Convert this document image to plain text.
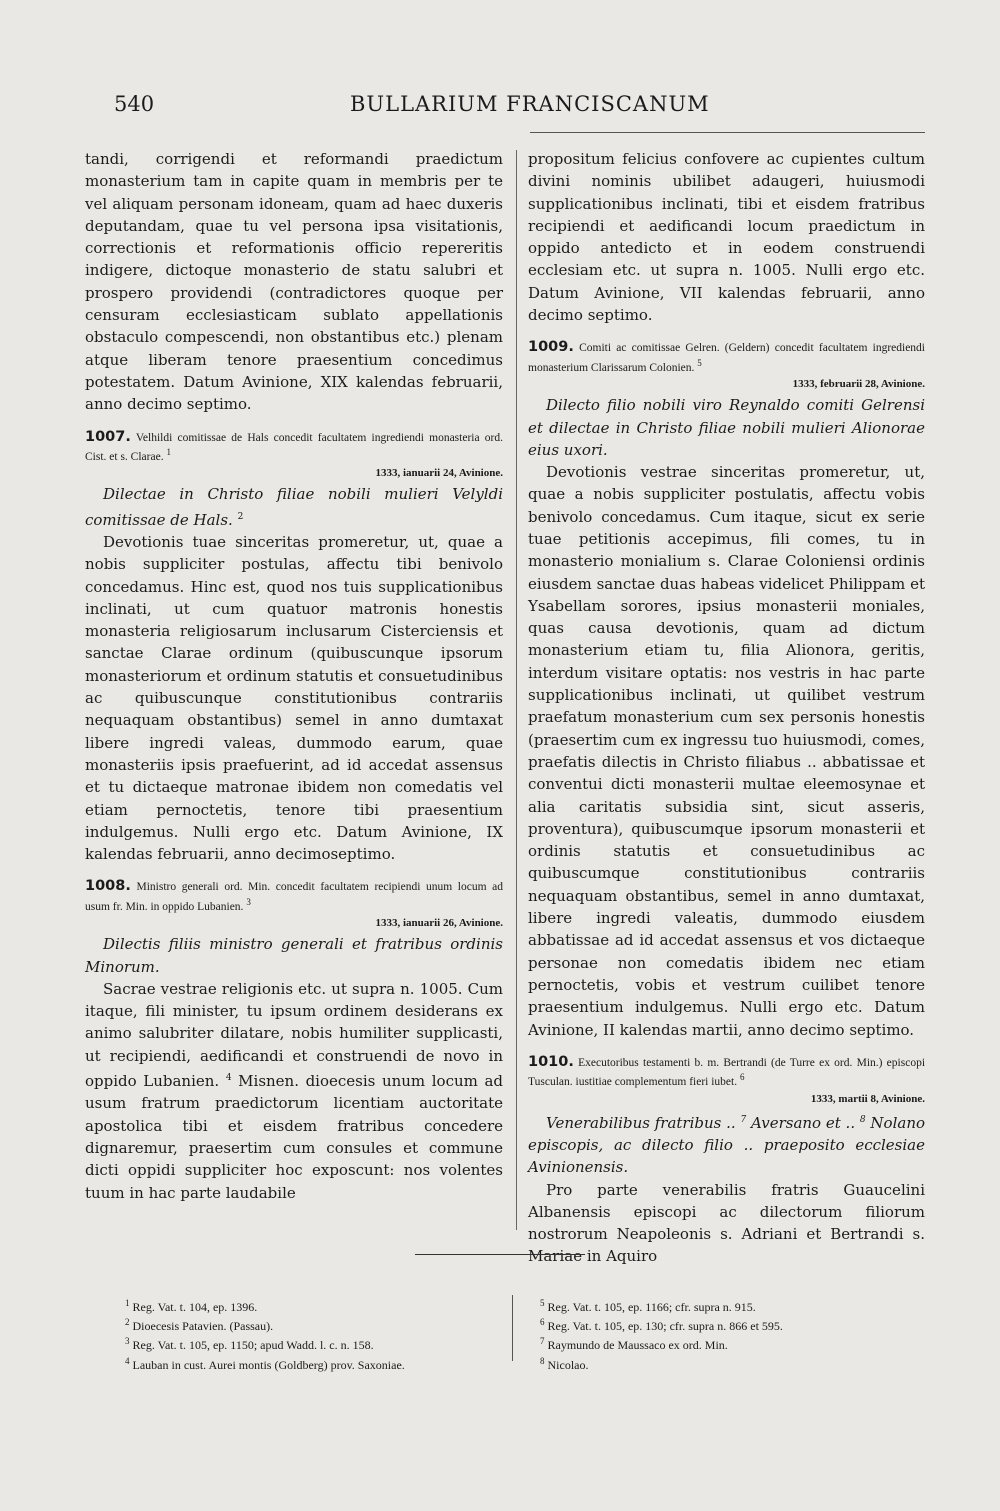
540	BULLARIUM FRANCISCANUM

tandi, corrigendi et reformandi praedictum monasterium tam in capite quam in membris per te vel aliquam personam idoneam, quam ad haec duxeris deputandam, quae tu vel persona ipsa visitationis, correctionis et reformationis officio repereritis indigere, dictoque monasterio de statu salubri et prospero providendi (contradictores quoque per censuram ecclesiasticam sublato appellationis obstaculo compescendi, non obstantibus etc.) plenam atque liberam tenore praesentium concedimus potestatem. Datum Avinione, XIX kalendas februarii, anno decimo septimo.

1007. Velhildi comitissae de Hals concedit facultatem ingrediendi monasteria ord. Cist. et s. Clarae. $^1$

1333, ianuarii 24, Avinione.

Dilectae in Christo filiae nobili mulieri Velyldi comitissae de Hals. $^2$

Devotionis tuae sinceritas promeretur, ut, quae a nobis suppliciter postulas, affectu tibi benivolo concedamus. Hinc est, quod nos tuis supplicationibus inclinati, ut cum quatuor matronis honestis monasteria religiosarum inclusarum Cisterciensis et sanctae Clarae ordinum (quibuscunque ipsorum monasteriorum et ordinum statutis et consuetudinibus ac quibuscunque constitutionibus contrariis nequaquam obstantibus) semel in anno dumtaxat libere ingredi valeas, dummodo earum, quae monasteriis ipsis praefuerint, ad id accedat assensus et tu dictaeque matronae ibidem non comedatis vel etiam pernoctetis, tenore tibi praesentium indulgemus. Nulli ergo etc. Datum Avinione, IX kalendas februarii, anno decimoseptimo.

1008. Ministro generali ord. Min. concedit facultatem recipiendi unum locum ad usum fr. Min. in oppido Lubanien. $^3$

1333, ianuarii 26, Avinione.

Dilectis filiis ministro generali et fratribus ordinis Minorum.

Sacrae vestrae religionis etc. ut supra n. 1005. Cum itaque, fili minister, tu ipsum ordinem desiderans ex animo salubriter dilatare, nobis humiliter supplicasti, ut recipiendi, aedificandi et construendi de novo in oppido Lubanien. $^4$ Misnen. dioecesis unum locum ad usum fratrum praedictorum licentiam auctoritate apostolica tibi et eisdem fratribus concedere dignaremur, praesertim cum consules et commune dicti oppidi suppliciter hoc exposcunt: nos volentes tuum in hac parte laudabile

propositum felicius confovere ac cupientes cultum divini nominis ubilibet adaugeri, huiusmodi supplicationibus inclinati, tibi et eisdem fratribus recipiendi et aedificandi locum praedictum in oppido antedicto et in eodem construendi ecclesiam etc. ut supra n. 1005. Nulli ergo etc. Datum Avinione, VII kalendas februarii, anno decimo septimo.

1009. Comiti ac comitissae Gelren. (Geldern) concedit facultatem ingrediendi monasterium Clarissarum Colonien. $^5$

1333, februarii 28, Avinione.

Dilecto filio nobili viro Reynaldo comiti Gelrensi et dilectae in Christo filiae nobili mulieri Alionorae eius uxori.

Devotionis vestrae sinceritas promeretur, ut, quae a nobis suppliciter postulatis, affectu vobis benivolo concedamus. Cum itaque, sicut ex serie tuae petitionis accepimus, fili comes, tu in monasterio monialium s. Clarae Coloniensi ordinis eiusdem sanctae duas habeas videlicet Philippam et Ysabellam sorores, ipsius monasterii moniales, quas causa devotionis, quam ad dictum monasterium etiam tu, filia Alionora, geritis, interdum visitare optatis: nos vestris in hac parte supplicationibus inclinati, ut quilibet vestrum praefatum monasterium cum sex personis honestis (praesertim cum ex ingressu tuo huiusmodi, comes, praefatis dilectis in Christo filiabus .. abbatissae et conventui dicti monasterii multae eleemosynae et alia caritatis subsidia sint, sicut asseris, proventura), quibuscumque ipsorum monasterii et ordinis statutis et consuetudinibus ac quibuscumque constitutionibus contrariis nequaquam obstantibus, semel in anno dumtaxat, libere ingredi valeatis, dummodo eiusdem abbatissae ad id accedat assensus et vos dictaeque personae non comedatis ibidem nec etiam pernoctetis, vobis et vestrum cuilibet tenore praesentium indulgemus. Nulli ergo etc. Datum Avinione, II kalendas martii, anno decimo septimo.

1010. Executoribus testamenti b. m. Bertrandi (de Turre ex ord. Min.) episcopi Tusculan. iustitiae complementum fieri iubet. $^6$

1333, martii 8, Avinione.

Venerabilibus fratribus .. $^7$ Aversano et .. $^8$ Nolano episcopis, ac dilecto filio .. praeposito ecclesiae Avinionensis.

Pro parte venerabilis fratris Guaucelini Albanensis episcopi ac dilectorum filiorum nostrorum Neapoleonis s. Adriani et Bertrandi s. Mariae in Aquiro

$^1$ Reg. Vat. t. 104, ep. 1396.

$^2$ Dioecesis Patavien. (Passau).

$^3$ Reg. Vat. t. 105, ep. 1150; apud Wadd. l. c. n. 158.

$^4$ Lauban in cust. Aurei montis (Goldberg) prov. Saxoniae.

$^5$ Reg. Vat. t. 105, ep. 1166; cfr. supra n. 915.

$^6$ Reg. Vat. t. 105, ep. 130; cfr. supra n. 866 et 595.

$^7$ Raymundo de Maussaco ex ord. Min.

$^8$ Nicolao.
